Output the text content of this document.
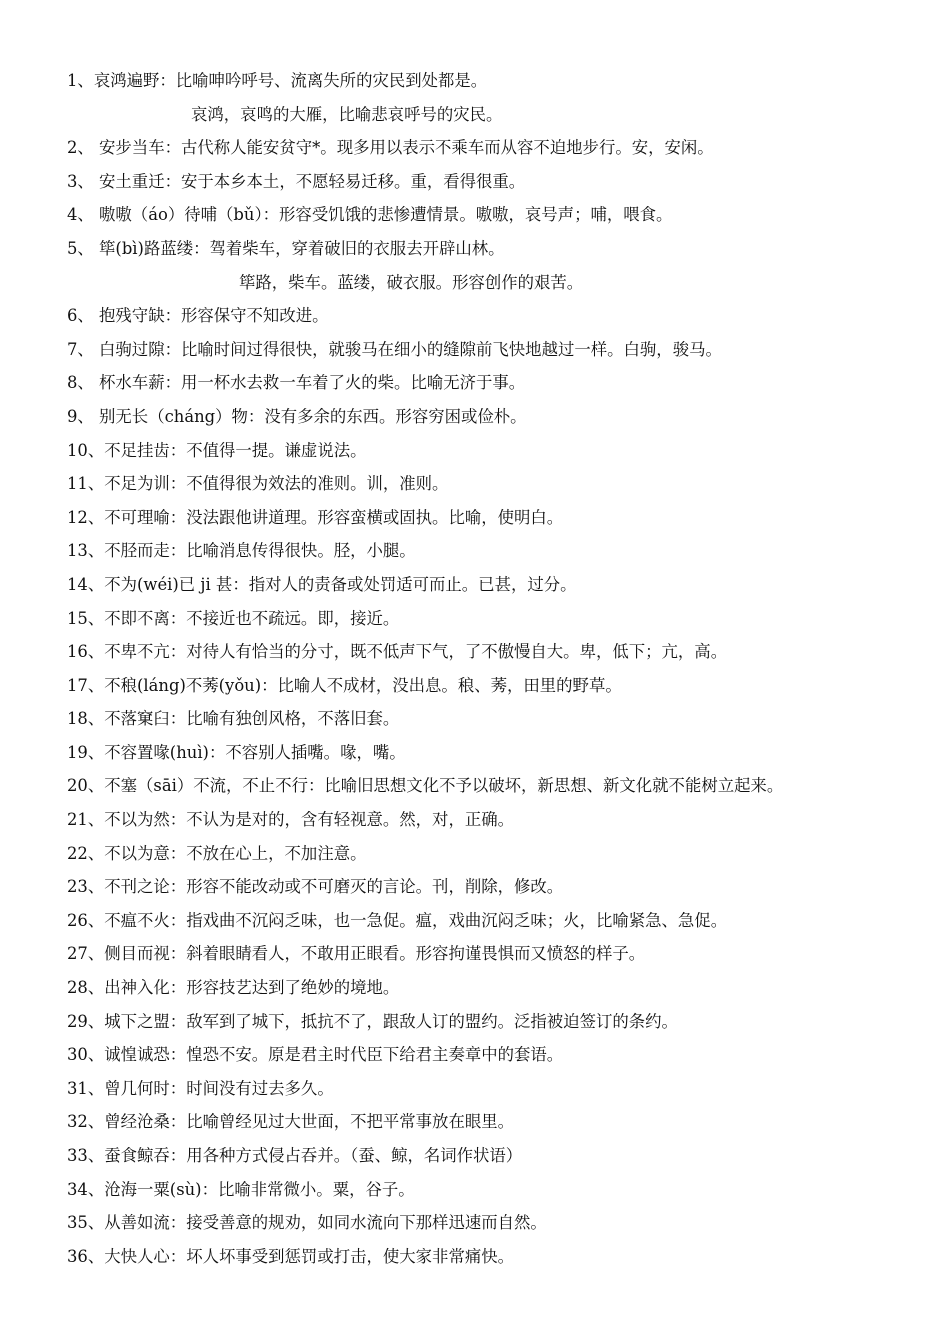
1、哀鸿遍野：比喻呻吟呼号、流离失所的灾民到处都是。
哀鸿，哀鸣的大雁，比喻悲哀呼号的灾民。
2、 安步当车：古代称人能安贫守*。现多用以表示不乘车而从容不迫地步行。安，安闲。
3、 安土重迁：安于本乡本土，不愿轻易迁移。重，看得很重。
4、 嗷嗷（áo）待哺（bǔ）：形容受饥饿的悲惨遭情景。嗷嗷，哀号声；哺，喂食。
5、 筚(bì)路蓝缕：驾着柴车，穿着破旧的衣服去开辟山林。
筚路，柴车。蓝缕，破衣服。形容创作的艰苦。
6、 抱残守缺：形容保守不知改进。
7、 白驹过隙：比喻时间过得很快，就骏马在细小的缝隙前飞快地越过一样。白驹，骏马。
8、 杯水车薪：用一杯水去救一车着了火的柴。比喻无济于事。
9、 别无长（cháng）物：没有多余的东西。形容穷困或俭朴。
10、不足挂齿：不值得一提。谦虚说法。
11、不足为训：不值得很为效法的准则。训，准则。
12、不可理喻：没法跟他讲道理。形容蛮横或固执。比喻，使明白。
13、不胫而走：比喻消息传得很快。胫，小腿。
14、不为(wéi)已 ji 甚：指对人的责备或处罚适可而止。已甚，过分。
15、不即不离：不接近也不疏远。即，接近。
16、不卑不亢：对待人有恰当的分寸，既不低声下气，了不傲慢自大。卑，低下；亢，高。
17、不稂(láng)不莠(yǒu)：比喻人不成材，没出息。稂、莠，田里的野草。
18、不落窠臼：比喻有独创风格，不落旧套。
19、不容置喙(huì)：不容别人插嘴。喙，嘴。
20、不塞（sāi）不流，不止不行：比喻旧思想文化不予以破坏，新思想、新文化就不能树立起来。
21、不以为然：不认为是对的，含有轻视意。然，对，正确。
22、不以为意：不放在心上，不加注意。
23、不刊之论：形容不能改动或不可磨灭的言论。刊，削除，修改。
26、不瘟不火：指戏曲不沉闷乏味，也一急促。瘟，戏曲沉闷乏味；火，比喻紧急、急促。
27、侧目而视：斜着眼睛看人，不敢用正眼看。形容拘谨畏惧而又愤怒的样子。
28、出神入化：形容技艺达到了绝妙的境地。
29、城下之盟：敌军到了城下，抵抗不了，跟敌人订的盟约。泛指被迫签订的条约。
30、诚惶诚恐：惶恐不安。原是君主时代臣下给君主奏章中的套语。
31、曾几何时：时间没有过去多久。
32、曾经沧桑：比喻曾经见过大世面，不把平常事放在眼里。
33、蚕食鲸吞：用各种方式侵占吞并。（蚕、鲸，名词作状语）
34、沧海一粟(sù)：比喻非常微小。粟，谷子。
35、从善如流：接受善意的规劝，如同水流向下那样迅速而自然。
36、大快人心：坏人坏事受到惩罚或打击，使大家非常痛快。
